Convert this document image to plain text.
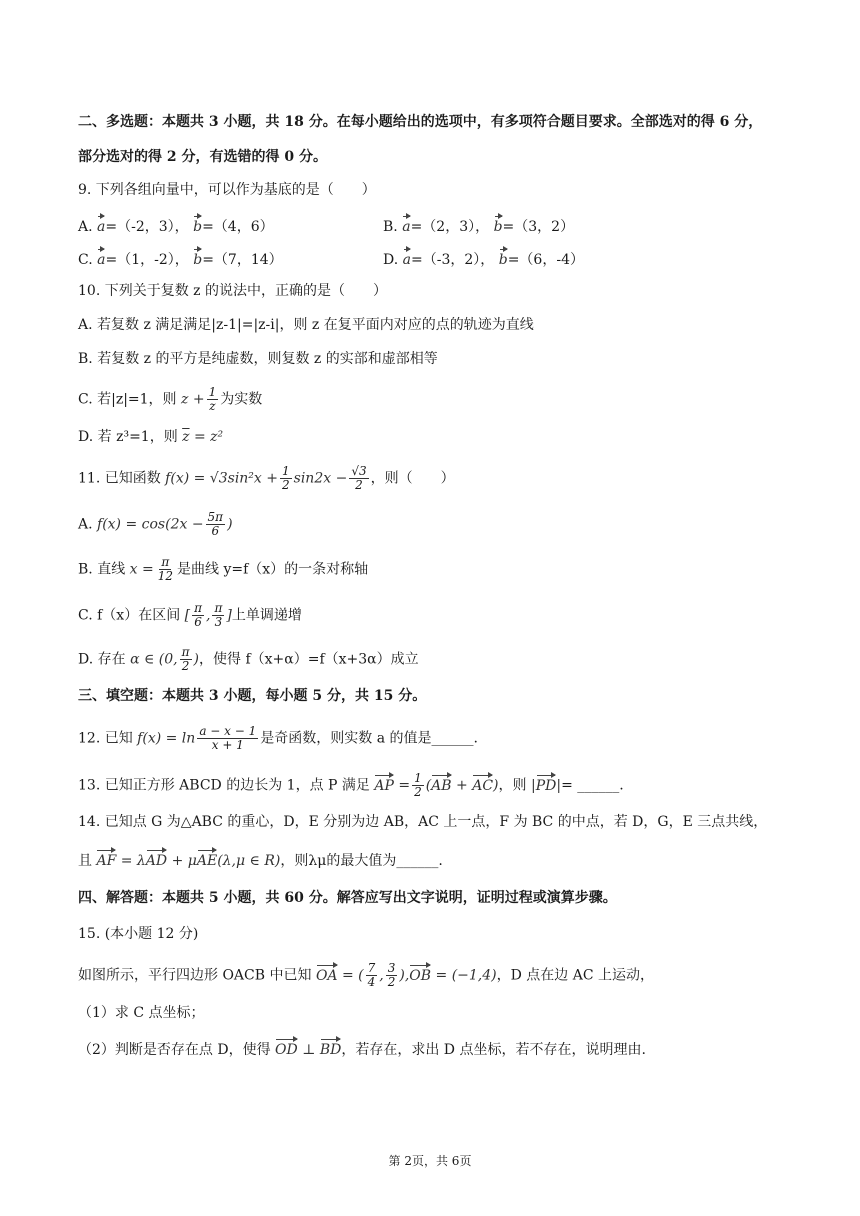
二、多选题：本题共 3 小题，共 18 分。在每小题给出的选项中，有多项符合题目要求。全部选对的得 6 分，
部分选对的得 2 分，有选错的得 0 分。
9. 下列各组向量中，可以作为基底的是（　　）
A. a=（-2，3）， b=（4，6）	B. a=（2，3）， b=（3，2）
C. a=（1，-2）， b=（7，14）	D. a=（-3，2）， b=（6，-4）
10. 下列关于复数 z 的说法中，正确的是（　　）
A. 若复数 z 满足满足|z-1|=|z-i|，则 z 在复平面内对应的点的轨迹为直线
B. 若复数 z 的平方是纯虚数，则复数 z 的实部和虚部相等
C. 若|z|=1，则 $z + \frac{1}{z}$ 为实数
D. 若 z³=1，则 $\overline{z} = z^2$
11. 已知函数 $f(x) = √3\sin^2x + \frac{1}{2} \sin 2x - \frac{√3}{2}$ ，则（　　）
A. $f(x) = \cos(2x - \frac{5\pi}{6}$ )
B. 直线 $x = \frac{\pi}{12}$ 是曲线 y=f（x）的一条对称轴
C. f（x）在区间 [ $\frac{\pi}{6}$ , $\frac{\pi}{3}$ ]上单调递增
D. 存在 α ∈ (0, $\frac{\pi}{2}$ )，使得 f（x+α）=f（x+3α）成立
三、填空题：本题共 3 小题，每小题 5 分，共 15 分。
12. 已知 $f(x) = \ln \frac{a - x - 1}{x + 1}$ 是奇函数，则实数 a 的值是______.
13. 已知正方形 ABCD 的边长为 1，点 P 满足 AP = $\frac{1}{2} (AB + AC)$，则 |PD|= ______.
14. 已知点 G 为△ABC 的重心，D，E 分别为边 AB，AC 上一点，F 为 BC 的中点，若 D，G，E 三点共线，
且 AF = λAD + μAE(λ,μ ∈ R)，则λμ的最大值为______.
四、解答题：本题共 5 小题，共 60 分。解答应写出文字说明，证明过程或演算步骤。
15. (本小题 12 分)
如图所示，平行四边形 OACB 中已知 OA = ( $\frac{7}{4}$ , $\frac{3}{2} ),OB = (-1,4)$，D 点在边 AC 上运动，
（1）求 C 点坐标；
（2）判断是否存在点 D，使得 OD ⊥ BD，若存在，求出 D 点坐标，若不存在，说明理由.
第 2页，共 6页
